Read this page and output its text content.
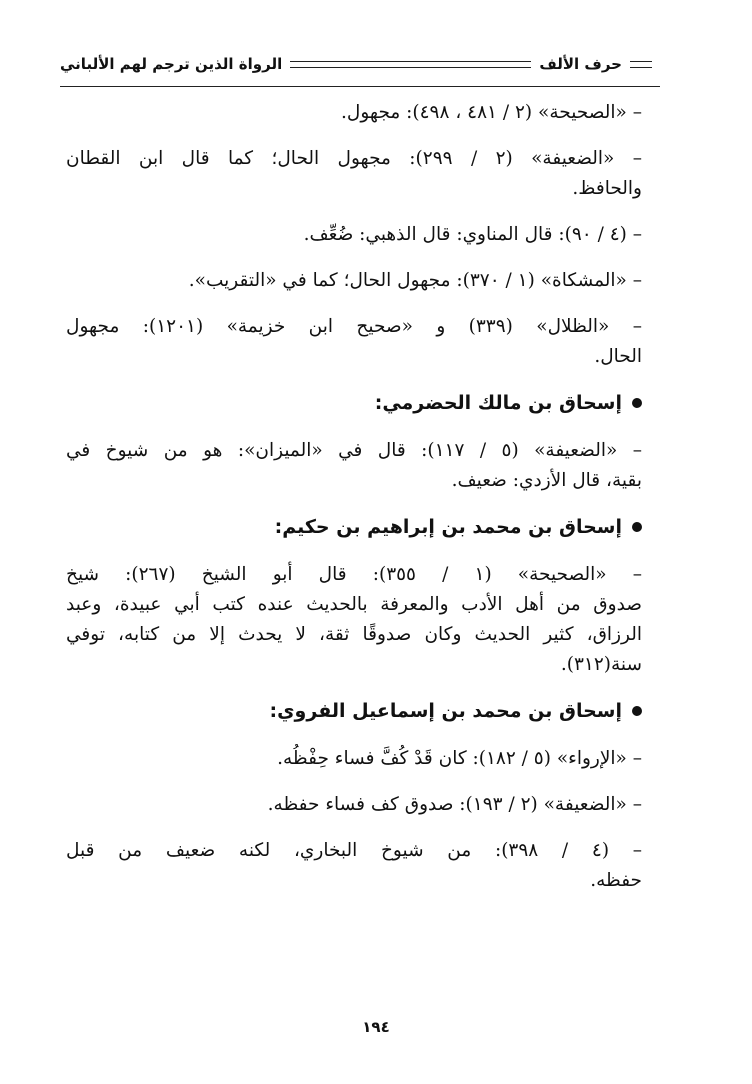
الرواة الذين ترجم لهم الألباني	حرف الألف

– «الصحيحة» (٢ / ٤٨١ ، ٤٩٨): مجهول.

– «الضعيفة» (٢ / ٢٩٩): مجهول الحال؛ كما قال ابن القطان

والحافظ.

– (٤ / ٩٠): قال المناوي: قال الذهبي: ضُعِّف.

– «المشكاة» (١ / ٣٧٠): مجهول الحال؛ كما في «التقريب».

– «الظلال» (٣٣٩) و «صحيح ابن خزيمة» (١٢٠١): مجهول

الحال.

إسحاق بن مالك الحضرمي:

– «الضعيفة» (٥ / ١١٧): قال في «الميزان»: هو من شيوخ في

بقية، قال الأزدي: ضعيف.

إسحاق بن محمد بن إبراهيم بن حكيم:

– «الصحيحة» (١ / ٣٥٥): قال أبو الشيخ (٢٦٧): شيخ

صدوق من أهل الأدب والمعرفة بالحديث عنده كتب أبي عبيدة، وعبد

الرزاق، كثير الحديث وكان صدوقًا ثقة، لا يحدث إلا من كتابه، توفي

سنة(٣١٢).

إسحاق بن محمد بن إسماعيل الفروي:

– «الإرواء» (٥ / ١٨٢): كان قَدْ كُفَّ فساء حِفْظُه.

– «الضعيفة» (٢ / ١٩٣): صدوق كف فساء حفظه.

– (٤ / ٣٩٨): من شيوخ البخاري، لكنه ضعيف من قبل

حفظه.

١٩٤
